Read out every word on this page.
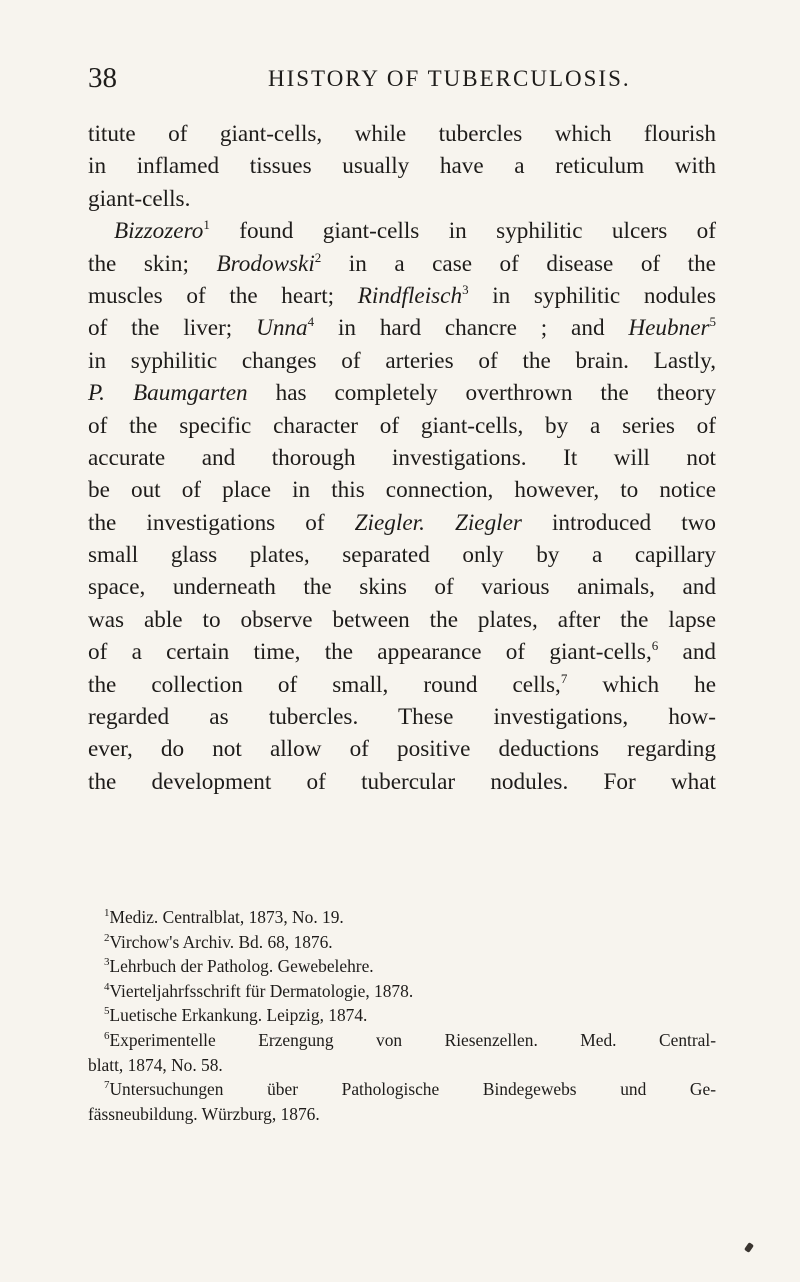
38	HISTORY OF TUBERCULOSIS.
titute of giant-cells, while tubercles which flourish
in inflamed tissues usually have a reticulum with
giant-cells.
Bizzozero$^1$ found giant-cells in syphilitic ulcers of
the skin; Brodowski$^2$ in a case of disease of the
muscles of the heart; Rindfleisch$^3$ in syphilitic nodules
of the liver; Unna$^4$ in hard chancre ; and Heubner$^5$
in syphilitic changes of arteries of the brain. Lastly,
P. Baumgarten has completely overthrown the theory
of the specific character of giant-cells, by a series of
accurate and thorough investigations. It will not
be out of place in this connection, however, to notice
the investigations of Ziegler. Ziegler introduced two
small glass plates, separated only by a capillary
space, underneath the skins of various animals, and
was able to observe between the plates, after the lapse
of a certain time, the appearance of giant-cells,$^6$ and
the collection of small, round cells,$^7$ which he
regarded as tubercles. These investigations, how-
ever, do not allow of positive deductions regarding
the development of tubercular nodules. For what
$^1$Mediz. Centralblat, 1873, No. 19.
$^2$Virchow's Archiv. Bd. 68, 1876.
$^3$Lehrbuch der Patholog. Gewebelehre.
$^4$Vierteljahrfsschrift für Dermatologie, 1878.
$^5$Luetische Erkankung. Leipzig, 1874.
$^6$Experimentelle Erzengung von Riesenzellen. Med. Central-
blatt, 1874, No. 58.
$^7$Untersuchungen über Pathologische Bindegewebs und Ge-
fässneubildung. Würzburg, 1876.
